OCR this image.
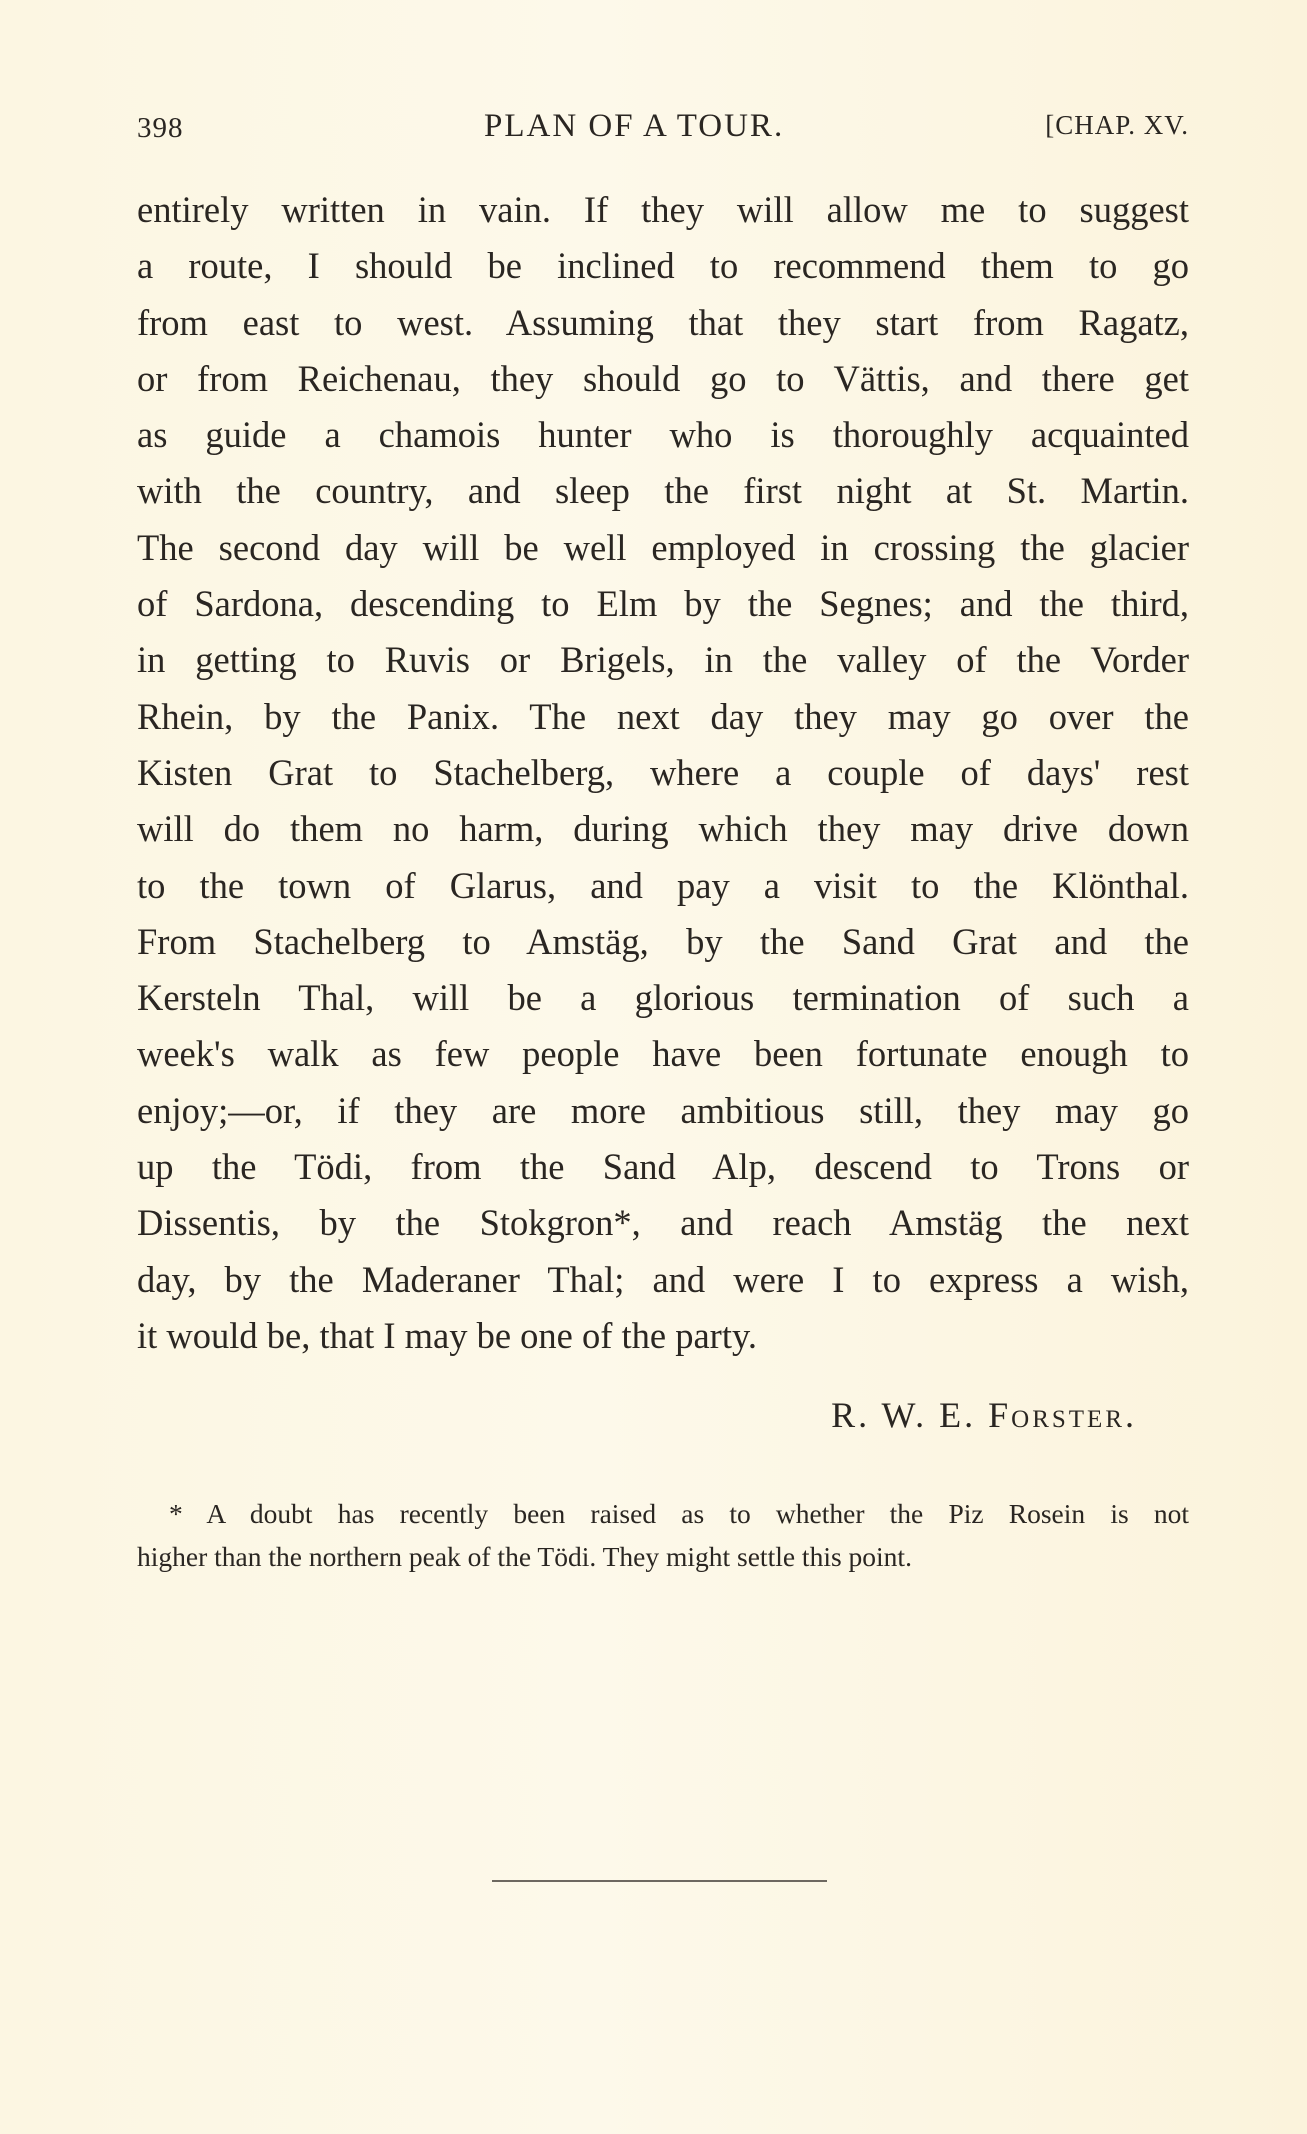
398	PLAN OF A TOUR.	[CHAP. XV.
entirely written in vain. If they will allow me to suggest
a route, I should be inclined to recommend them to go
from east to west. Assuming that they start from Ragatz,
or from Reichenau, they should go to Vättis, and there get
as guide a chamois hunter who is thoroughly acquainted
with the country, and sleep the first night at St. Martin.
The second day will be well employed in crossing the glacier
of Sardona, descending to Elm by the Segnes; and the third,
in getting to Ruvis or Brigels, in the valley of the Vorder
Rhein, by the Panix. The next day they may go over the
Kisten Grat to Stachelberg, where a couple of days' rest
will do them no harm, during which they may drive down
to the town of Glarus, and pay a visit to the Klönthal.
From Stachelberg to Amstäg, by the Sand Grat and the
Kersteln Thal, will be a glorious termination of such a
week's walk as few people have been fortunate enough to
enjoy;—or, if they are more ambitious still, they may go
up the Tödi, from the Sand Alp, descend to Trons or
Dissentis, by the Stokgron*, and reach Amstäg the next
day, by the Maderaner Thal; and were I to express a wish,
it would be, that I may be one of the party.
R. W. E. Forster.
* A doubt has recently been raised as to whether the Piz Rosein is not
higher than the northern peak of the Tödi. They might settle this point.
